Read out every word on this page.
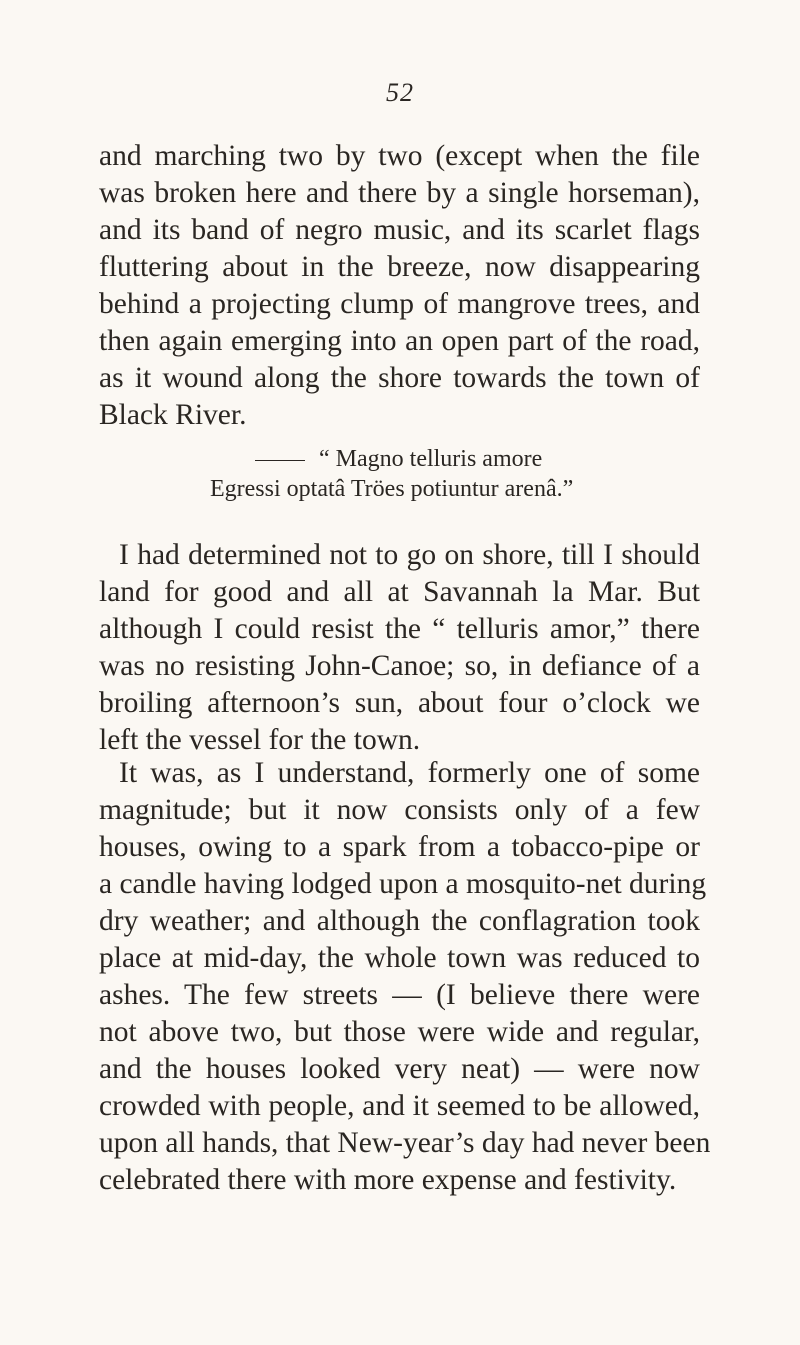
52
and marching two by two (except when the file
was broken here and there by a single horseman),
and its band of negro music, and its scarlet flags
fluttering about in the breeze, now disappearing
behind a projecting clump of mangrove trees, and
then again emerging into an open part of the road,
as it wound along the shore towards the town of
Black River.
“ Magno telluris amore
Egressi optatâ Tröes potiuntur arenâ.”
I had determined not to go on shore, till I should
land for good and all at Savannah la Mar. But
although I could resist the “ telluris amor,” there
was no resisting John-Canoe; so, in defiance of a
broiling afternoon’s sun, about four o’clock we
left the vessel for the town.
It was, as I understand, formerly one of some
magnitude; but it now consists only of a few
houses, owing to a spark from a tobacco-pipe or
a candle having lodged upon a mosquito-net during
dry weather; and although the conflagration took
place at mid-day, the whole town was reduced to
ashes. The few streets — (I believe there were
not above two, but those were wide and regular,
and the houses looked very neat) — were now
crowded with people, and it seemed to be allowed,
upon all hands, that New-year’s day had never been
celebrated there with more expense and festivity.
